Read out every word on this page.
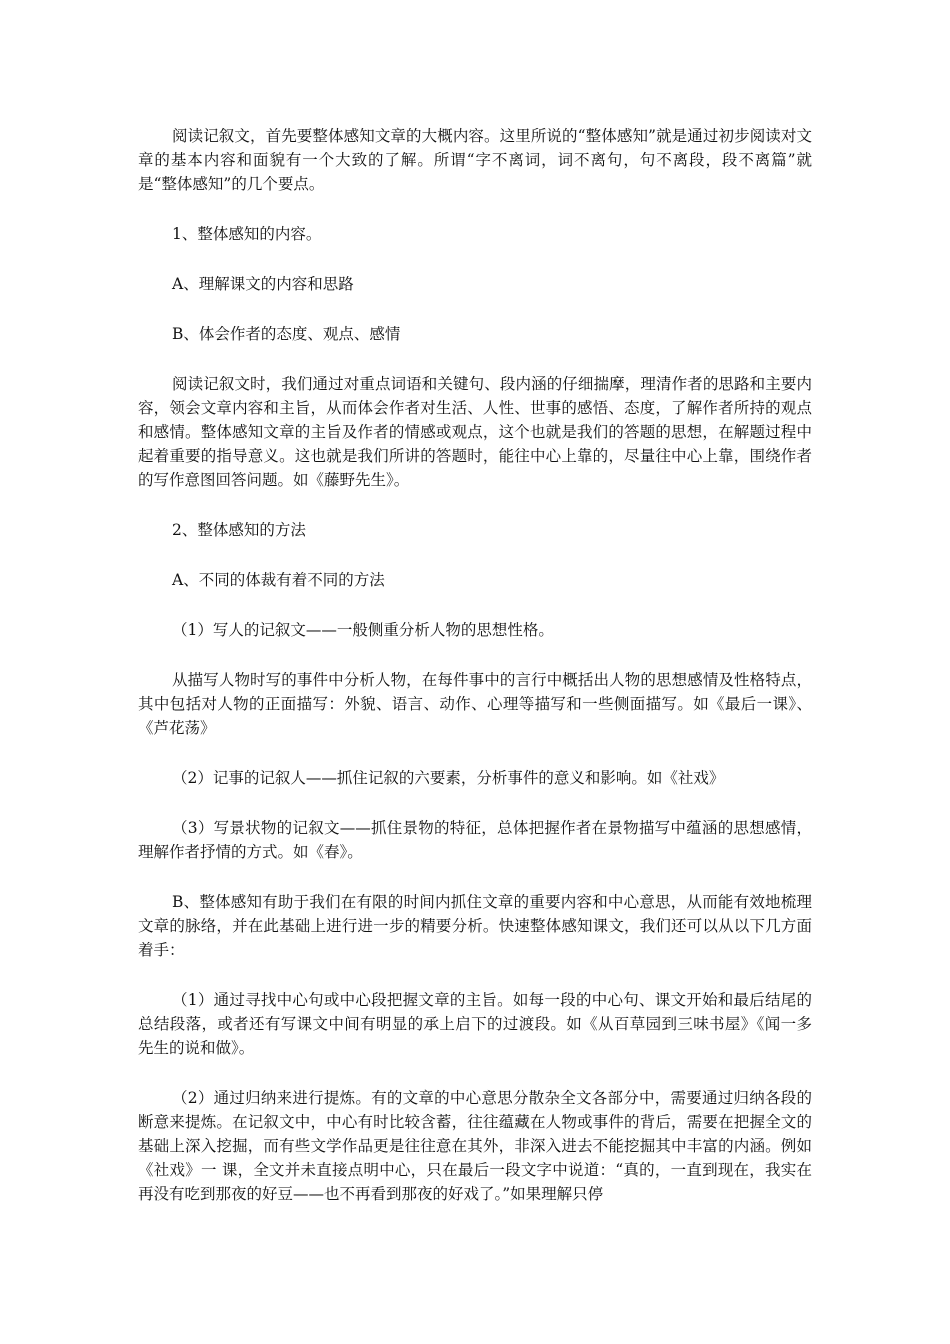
阅读记叙文，首先要整体感知文章的大概内容。这里所说的“整体感知”就是通过初步阅读对文章的基本内容和面貌有一个大致的了解。所谓“字不离词，词不离句，句不离段，段不离篇”就是“整体感知”的几个要点。

1、整体感知的内容。

A、理解课文的内容和思路

B、体会作者的态度、观点、感情

阅读记叙文时，我们通过对重点词语和关键句、段内涵的仔细揣摩，理清作者的思路和主要内容，领会文章内容和主旨，从而体会作者对生活、人性、世事的感悟、态度，了解作者所持的观点和感情。整体感知文章的主旨及作者的情感或观点，这个也就是我们的答题的思想，在解题过程中起着重要的指导意义。这也就是我们所讲的答题时，能往中心上靠的，尽量往中心上靠，围绕作者的写作意图回答问题。如《藤野先生》。

2、整体感知的方法

A、不同的体裁有着不同的方法

（1）写人的记叙文——一般侧重分析人物的思想性格。

从描写人物时写的事件中分析人物，在每件事中的言行中概括出人物的思想感情及性格特点，其中包括对人物的正面描写：外貌、语言、动作、心理等描写和一些侧面描写。如《最后一课》、《芦花荡》

（2）记事的记叙人——抓住记叙的六要素，分析事件的意义和影响。如《社戏》

（3）写景状物的记叙文——抓住景物的特征，总体把握作者在景物描写中蕴涵的思想感情，理解作者抒情的方式。如《春》。

B、整体感知有助于我们在有限的时间内抓住文章的重要内容和中心意思，从而能有效地梳理文章的脉络，并在此基础上进行进一步的精要分析。快速整体感知课文，我们还可以从以下几方面着手：

（1）通过寻找中心句或中心段把握文章的主旨。如每一段的中心句、课文开始和最后结尾的总结段落，或者还有写课文中间有明显的承上启下的过渡段。如《从百草园到三味书屋》《闻一多先生的说和做》。

（2）通过归纳来进行提炼。有的文章的中心意思分散杂全文各部分中，需要通过归纳各段的断意来提炼。在记叙文中，中心有时比较含蓄，往往蕴藏在人物或事件的背后，需要在把握全文的基础上深入挖掘，而有些文学作品更是往往意在其外，非深入进去不能挖掘其中丰富的内涵。例如《社戏》一 课，全文并未直接点明中心，只在最后一段文字中说道：“真的，一直到现在，我实在再没有吃到那夜的好豆——也不再看到那夜的好戏了。”如果理解只停
